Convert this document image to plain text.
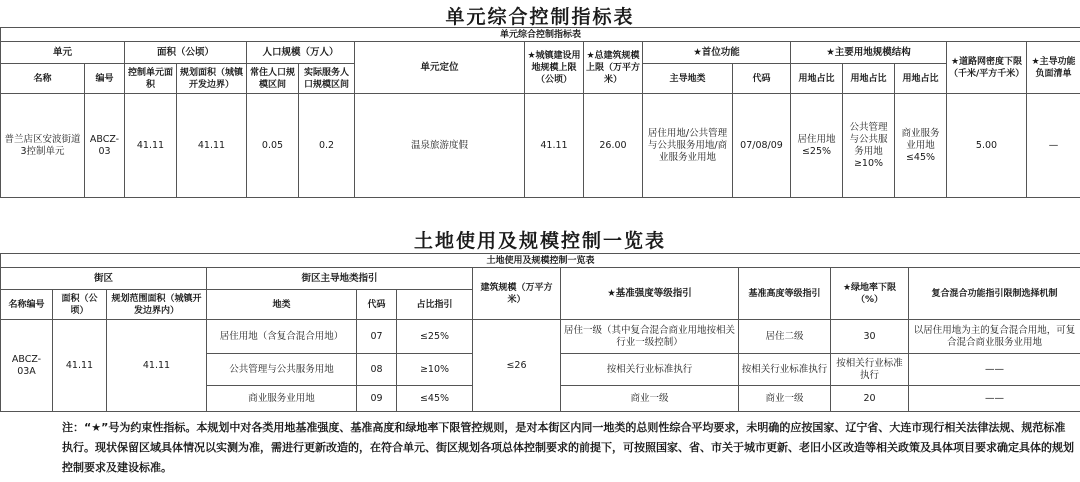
单元综合控制指标表
单元综合控制指标表															
单元		面积（公顷）		人口规模（万人）		单元定位	★城镇建设用地规模上限（公顷）	★总建筑规模上限（万平方米）	★首位功能		★主要用地规模结构			★道路网密度下限（千米/平方千米）	★主导功能负面清单
名称	编号	控制单元面积	规划面积（城镇开发边界）	常住人口规模区间	实际服务人口规模区间				主导地类	代码	用地占比	用地占比	用地占比		
普兰店区安波街道3控制单元	ABCZ-03	41.11	41.11	0.05	0.2	温泉旅游度假	41.11	26.00	居住用地/公共管理与公共服务用地/商业服务业用地	07/08/09	居住用地≤25%	公共管理与公共服务用地≥10%	商业服务业用地≤45%	5.00	—
土地使用及规模控制一览表
土地使用及规模控制一览表										
街区			街区主导地类指引			建筑规模（万平方米）	★基准强度等级指引	基准高度等级指引	★绿地率下限（%）	复合混合功能指引限制选择机制
名称编号	面积（公顷）	规划范围面积（城镇开发边界内）	地类	代码	占比指引					
ABCZ-03A	41.11	41.11	居住用地（含复合混合用地）	07	≤25%	≤26	居住一级（其中复合混合商业用地按相关行业一级控制）	居住二级	30	以居住用地为主的复合混合用地，可复合混合商业服务业用地
			公共管理与公共服务用地	08	≥10%		按相关行业标准执行	按相关行业标准执行	按相关行业标准执行	——
			商业服务业用地	09	≤45%		商业一级	商业一级	20	——
注：“★”号为约束性指标。本规划中对各类用地基准强度、基准高度和绿地率下限管控规则，是对本街区内同一地类的总则性综合平均要求，未明确的应按国家、辽宁省、大连市现行相关法律法规、规范标准执行。现状保留区域具体情况以实测为准，需进行更新改造的，在符合单元、街区规划各项总体控制要求的前提下，可按照国家、省、市关于城市更新、老旧小区改造等相关政策及具体项目要求确定具体的规划控制要求及建设标准。
